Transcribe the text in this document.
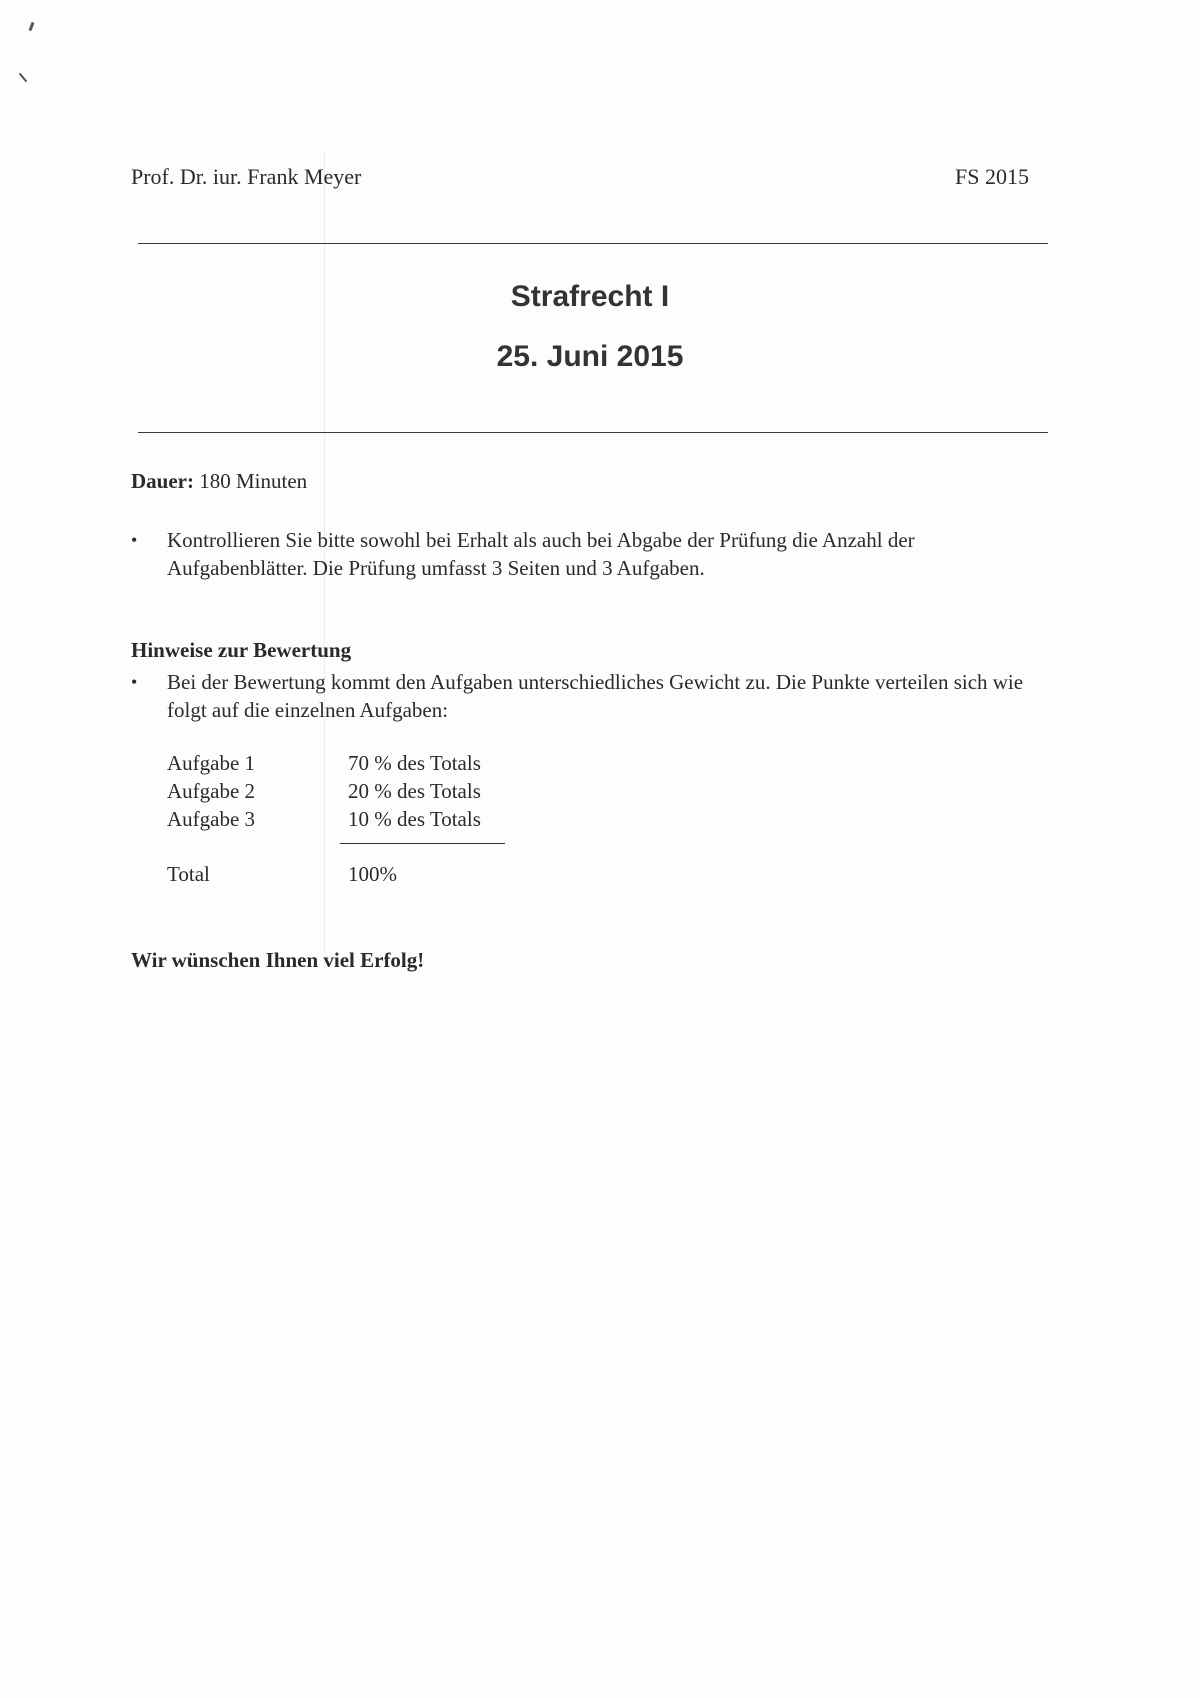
Prof. Dr. iur. Frank Meyer	FS 2015
Strafrecht I
25. Juni 2015
Dauer: 180 Minuten
•	Kontrollieren Sie bitte sowohl bei Erhalt als auch bei Abgabe der Prüfung die Anzahl der Aufgabenblätter. Die Prüfung umfasst 3 Seiten und 3 Aufgaben.
Hinweise zur Bewertung
•	Bei der Bewertung kommt den Aufgaben unterschiedliches Gewicht zu. Die Punkte verteilen sich wie folgt auf die einzelnen Aufgaben:
Aufgabe 1	70 % des Totals
Aufgabe 2	20 % des Totals
Aufgabe 3	10 % des Totals
Total	100%
Wir wünschen Ihnen viel Erfolg!
